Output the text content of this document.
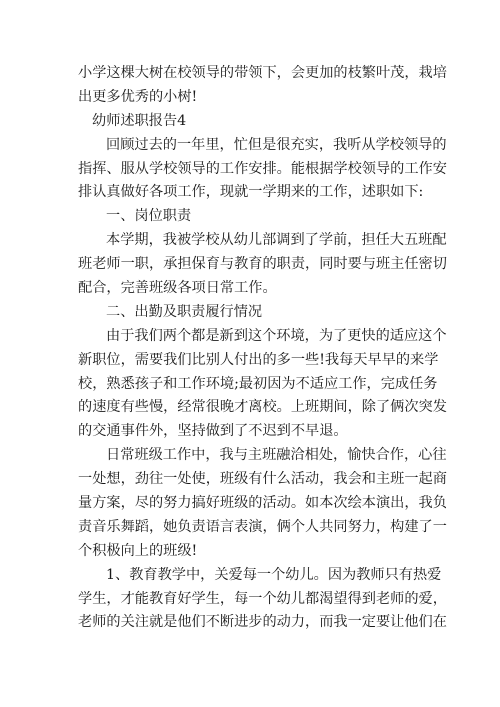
小学这棵大树在校领导的带领下，会更加的枝繁叶茂，栽培
出更多优秀的小树!

幼师述职报告4

回顾过去的一年里，忙但是很充实，我听从学校领导的
指挥、服从学校领导的工作安排。能根据学校领导的工作安
排认真做好各项工作，现就一学期来的工作，述职如下:

一、岗位职责

本学期，我被学校从幼儿部调到了学前，担任大五班配
班老师一职，承担保育与教育的职责，同时要与班主任密切
配合，完善班级各项日常工作。

二、出勤及职责履行情况

由于我们两个都是新到这个环境，为了更快的适应这个
新职位，需要我们比别人付出的多一些!我每天早早的来学
校，熟悉孩子和工作环境;最初因为不适应工作，完成任务
的速度有些慢，经常很晚才离校。上班期间，除了俩次突发
的交通事件外，坚持做到了不迟到不早退。

日常班级工作中，我与主班融洽相处，愉快合作，心往
一处想，劲往一处使，班级有什么活动，我会和主班一起商
量方案，尽的努力搞好班级的活动。如本次绘本演出，我负
责音乐舞蹈，她负责语言表演，俩个人共同努力，构建了一
个积极向上的班级!

1、教育教学中，关爱每一个幼儿。因为教师只有热爱
学生，才能教育好学生，每一个幼儿都渴望得到老师的爱，
老师的关注就是他们不断进步的动力，而我一定要让他们在
